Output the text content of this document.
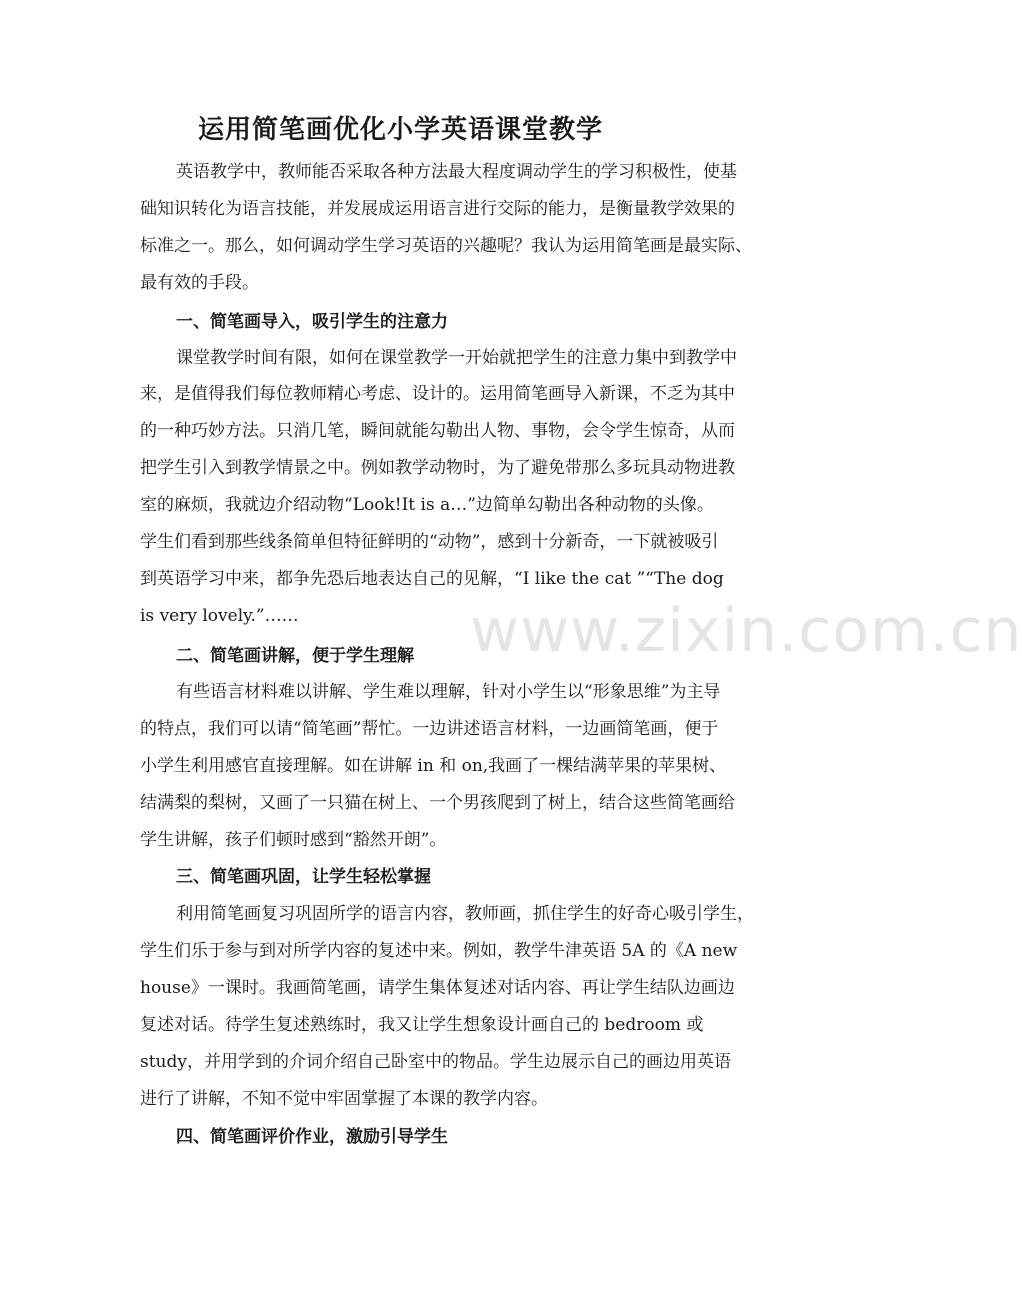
运用简笔画优化小学英语课堂教学
英语教学中，教师能否采取各种方法最大程度调动学生的学习积极性，使基
础知识转化为语言技能，并发展成运用语言进行交际的能力，是衡量教学效果的
标准之一。那么，如何调动学生学习英语的兴趣呢？我认为运用简笔画是最实际、
最有效的手段。
一、简笔画导入，吸引学生的注意力
课堂教学时间有限，如何在课堂教学一开始就把学生的注意力集中到教学中
来，是值得我们每位教师精心考虑、设计的。运用简笔画导入新课，不乏为其中
的一种巧妙方法。只消几笔，瞬间就能勾勒出人物、事物，会令学生惊奇，从而
把学生引入到教学情景之中。例如教学动物时，为了避免带那么多玩具动物进教
室的麻烦，我就边介绍动物“Look!It is a…”边简单勾勒出各种动物的头像。
学生们看到那些线条简单但特征鲜明的“动物”，感到十分新奇，一下就被吸引
到英语学习中来，都争先恐后地表达自己的见解，“I like the cat ”“The dog
is very lovely.”……
二、简笔画讲解，便于学生理解
有些语言材料难以讲解、学生难以理解，针对小学生以“形象思维”为主导
的特点，我们可以请“简笔画”帮忙。一边讲述语言材料，一边画简笔画，便于
小学生利用感官直接理解。如在讲解 in 和 on,我画了一棵结满苹果的苹果树、
结满梨的梨树，又画了一只猫在树上、一个男孩爬到了树上，结合这些简笔画给
学生讲解，孩子们顿时感到“豁然开朗”。
三、简笔画巩固，让学生轻松掌握
利用简笔画复习巩固所学的语言内容，教师画，抓住学生的好奇心吸引学生，
学生们乐于参与到对所学内容的复述中来。例如，教学牛津英语 5A 的《A new
house》一课时。我画简笔画，请学生集体复述对话内容、再让学生结队边画边
复述对话。待学生复述熟练时，我又让学生想象设计画自己的 bedroom 或
study，并用学到的介词介绍自己卧室中的物品。学生边展示自己的画边用英语
进行了讲解，不知不觉中牢固掌握了本课的教学内容。
四、简笔画评价作业，激励引导学生
www.zixin.com.cn
